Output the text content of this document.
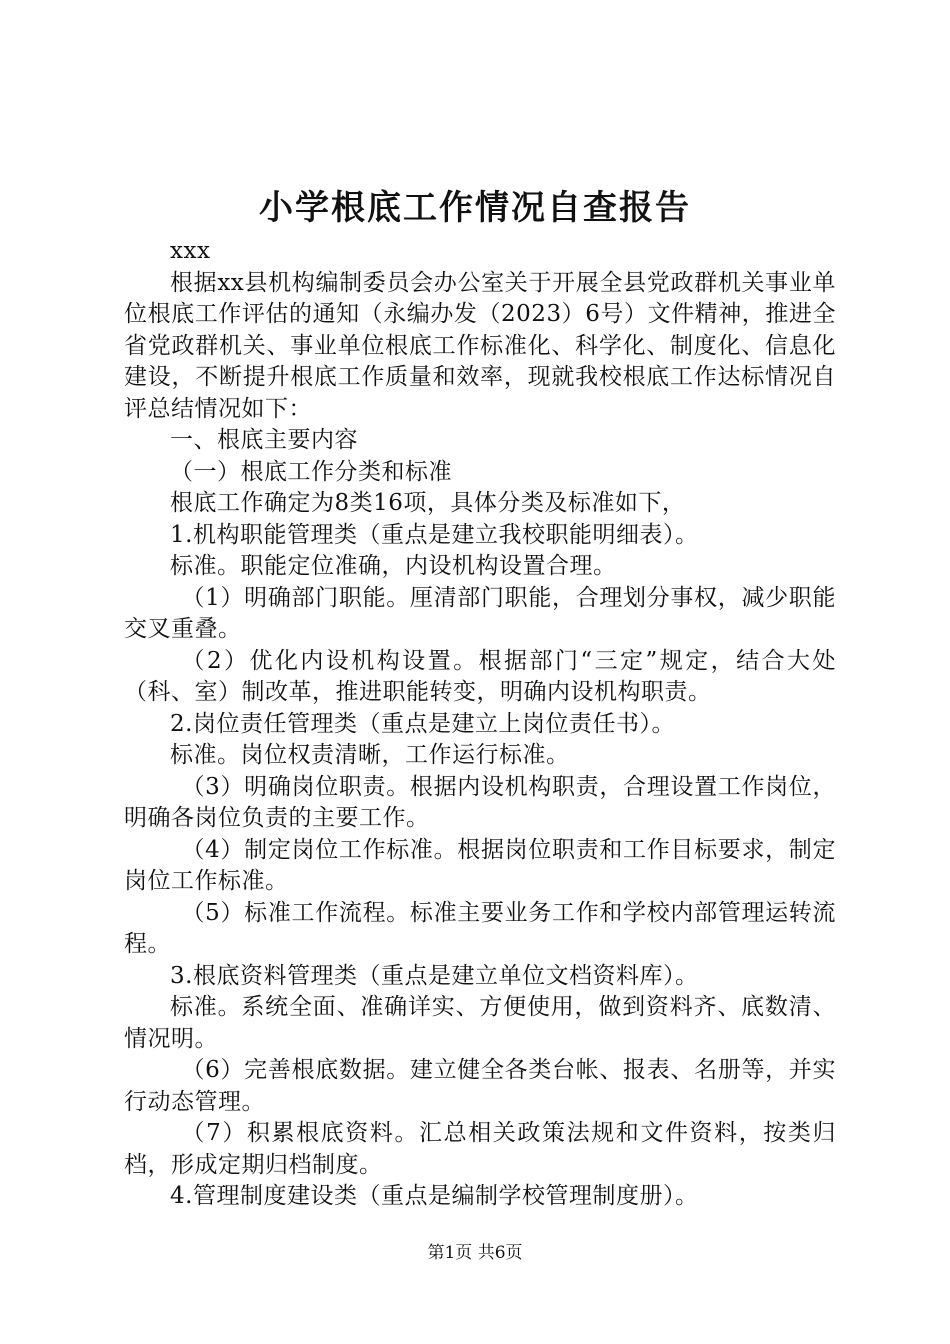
小学根底工作情况自查报告

xxx

根据xx县机构编制委员会办公室关于开展全县党政群机关事业单位根底工作评估的通知（永编办发（2023）6号）文件精神，推进全省党政群机关、事业单位根底工作标准化、科学化、制度化、信息化建设，不断提升根底工作质量和效率，现就我校根底工作达标情况自评总结情况如下：

一、根底主要内容

（一）根底工作分类和标准

根底工作确定为8类16项，具体分类及标准如下，

1.机构职能管理类（重点是建立我校职能明细表）。

标准。职能定位准确，内设机构设置合理。

（1）明确部门职能。厘清部门职能，合理划分事权，减少职能交叉重叠。

（2）优化内设机构设置。根据部门“三定”规定，结合大处（科、室）制改革，推进职能转变，明确内设机构职责。

2.岗位责任管理类（重点是建立上岗位责任书）。

标准。岗位权责清晰，工作运行标准。

（3）明确岗位职责。根据内设机构职责，合理设置工作岗位，明确各岗位负责的主要工作。

（4）制定岗位工作标准。根据岗位职责和工作目标要求，制定岗位工作标准。

（5）标准工作流程。标准主要业务工作和学校内部管理运转流程。

3.根底资料管理类（重点是建立单位文档资料库）。

标准。系统全面、准确详实、方便使用，做到资料齐、底数清、情况明。

（6）完善根底数据。建立健全各类台帐、报表、名册等，并实行动态管理。

（7）积累根底资料。汇总相关政策法规和文件资料，按类归档，形成定期归档制度。

4.管理制度建设类（重点是编制学校管理制度册）。

第1页 共6页
